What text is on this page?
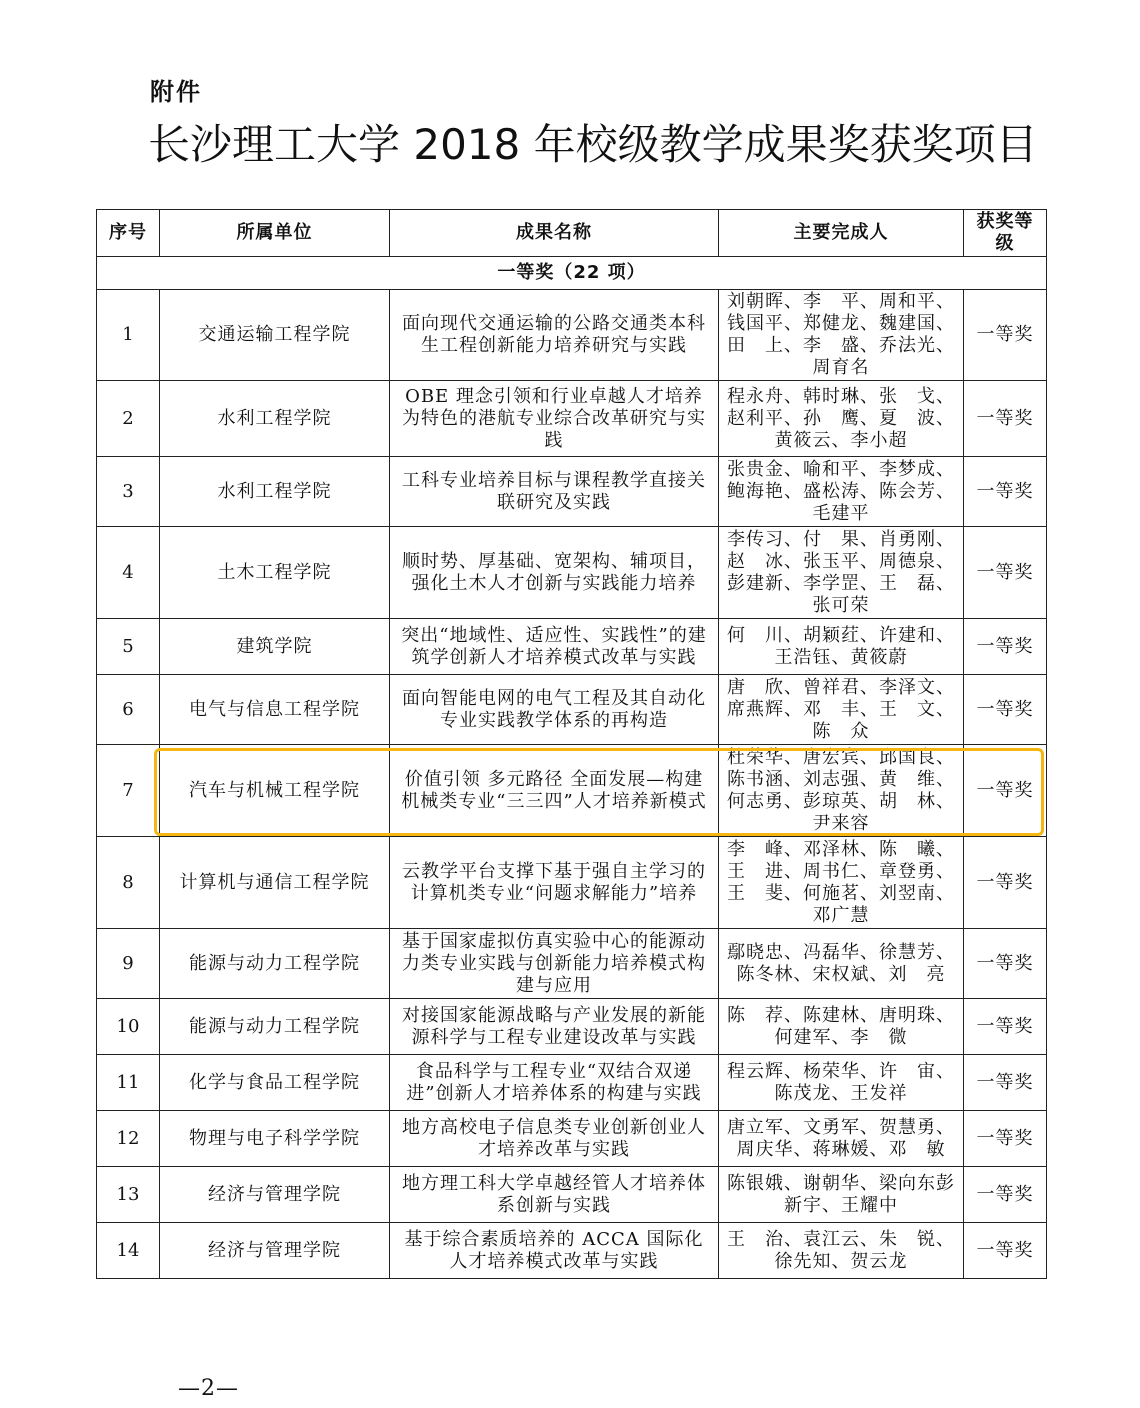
附件
长沙理工大学 2018 年校级教学成果奖获奖项目
序号	所属单位	成果名称	主要完成人	获奖等级
一等奖（22 项）				
1	交通运输工程学院	面向现代交通运输的公路交通类本科生工程创新能力培养研究与实践	刘朝晖、李　平、周和平、钱国平、郑健龙、魏建国、田　上、李　盛、乔法光、周育名	一等奖
2	水利工程学院	OBE 理念引领和行业卓越人才培养为特色的港航专业综合改革研究与实践	程永舟、韩时琳、张　戈、赵利平、孙　鹰、夏　波、黄筱云、李小超	一等奖
3	水利工程学院	工科专业培养目标与课程教学直接关联研究及实践	张贵金、喻和平、李梦成、鲍海艳、盛松涛、陈会芳、毛建平	一等奖
4	土木工程学院	顺时势、厚基础、宽架构、辅项目，强化土木人才创新与实践能力培养	李传习、付　果、肖勇刚、赵　冰、张玉平、周德泉、彭建新、李学罡、王　磊、张可荣	一等奖
5	建筑学院	突出“地域性、适应性、实践性”的建筑学创新人才培养模式改革与实践	何　川、胡颖荭、许建和、王浩钰、黄筱蔚	一等奖
6	电气与信息工程学院	面向智能电网的电气工程及其自动化专业实践教学体系的再构造	唐　欣、曾祥君、李泽文、席燕辉、邓　丰、王　文、陈　众	一等奖
7	汽车与机械工程学院	价值引领 多元路径 全面发展—构建机械类专业“三三四”人才培养新模式	杜荣华、唐宏宾、邱国良、陈书涵、刘志强、黄　维、何志勇、彭琼英、胡　林、尹来容	一等奖
8	计算机与通信工程学院	云教学平台支撑下基于强自主学习的计算机类专业“问题求解能力”培养	李　峰、邓泽林、陈　曦、王　进、周书仁、章登勇、王　斐、何施茗、刘翌南、邓广慧	一等奖
9	能源与动力工程学院	基于国家虚拟仿真实验中心的能源动力类专业实践与创新能力培养模式构建与应用	鄢晓忠、冯磊华、徐慧芳、陈冬林、宋权斌、刘　亮	一等奖
10	能源与动力工程学院	对接国家能源战略与产业发展的新能源科学与工程专业建设改革与实践	陈　荐、陈建林、唐明珠、何建军、李　微	一等奖
11	化学与食品工程学院	食品科学与工程专业“双结合双递进”创新人才培养体系的构建与实践	程云辉、杨荣华、许　宙、陈茂龙、王发祥	一等奖
12	物理与电子科学学院	地方高校电子信息类专业创新创业人才培养改革与实践	唐立军、文勇军、贺慧勇、周庆华、蒋琳媛、邓　敏	一等奖
13	经济与管理学院	地方理工科大学卓越经管人才培养体系创新与实践	陈银娥、谢朝华、梁向东彭新宇、王耀中	一等奖
14	经济与管理学院	基于综合素质培养的 ACCA 国际化人才培养模式改革与实践	王　治、袁江云、朱　锐、徐先知、贺云龙	一等奖
—2—
